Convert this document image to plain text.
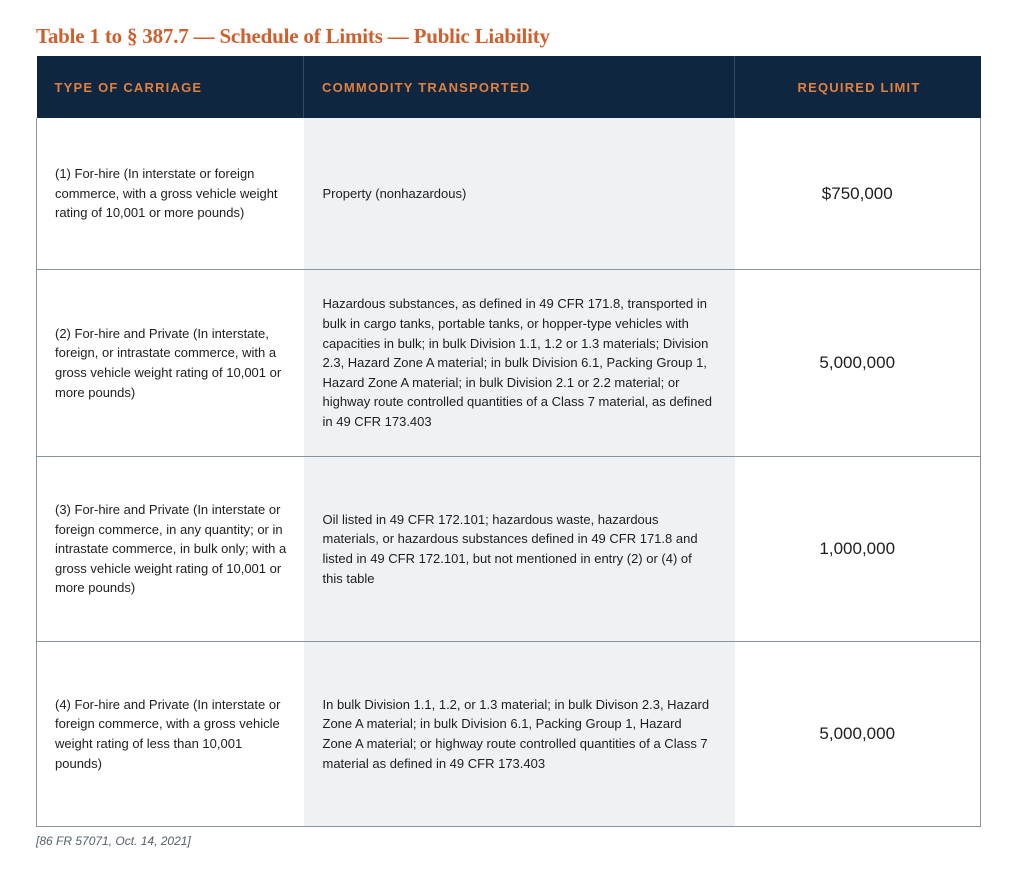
Table 1 to § 387.7 — Schedule of Limits — Public Liability
TYPE OF CARRIAGE	COMMODITY TRANSPORTED	REQUIRED LIMIT
(1) For-hire (In interstate or foreign commerce, with a gross vehicle weight rating of 10,001 or more pounds)	Property (nonhazardous)	$750,000
(2) For-hire and Private (In interstate, foreign, or intrastate commerce, with a gross vehicle weight rating of 10,001 or more pounds)	Hazardous substances, as defined in 49 CFR 171.8, transported in bulk in cargo tanks, portable tanks, or hopper-type vehicles with capacities in bulk; in bulk Division 1.1, 1.2 or 1.3 materials; Division 2.3, Hazard Zone A material; in bulk Division 6.1, Packing Group 1, Hazard Zone A material; in bulk Division 2.1 or 2.2 material; or highway route controlled quantities of a Class 7 material, as defined in 49 CFR 173.403	5,000,000
(3) For-hire and Private (In interstate or foreign commerce, in any quantity; or in intrastate commerce, in bulk only; with a gross vehicle weight rating of 10,001 or more pounds)	Oil listed in 49 CFR 172.101; hazardous waste, hazardous materials, or hazardous substances defined in 49 CFR 171.8 and listed in 49 CFR 172.101, but not mentioned in entry (2) or (4) of this table	1,000,000
(4) For-hire and Private (In interstate or foreign commerce, with a gross vehicle weight rating of less than 10,001 pounds)	In bulk Division 1.1, 1.2, or 1.3 material; in bulk Divison 2.3, Hazard Zone A material; in bulk Division 6.1, Packing Group 1, Hazard Zone A material; or highway route controlled quantities of a Class 7 material as defined in 49 CFR 173.403	5,000,000
[86 FR 57071, Oct. 14, 2021]
